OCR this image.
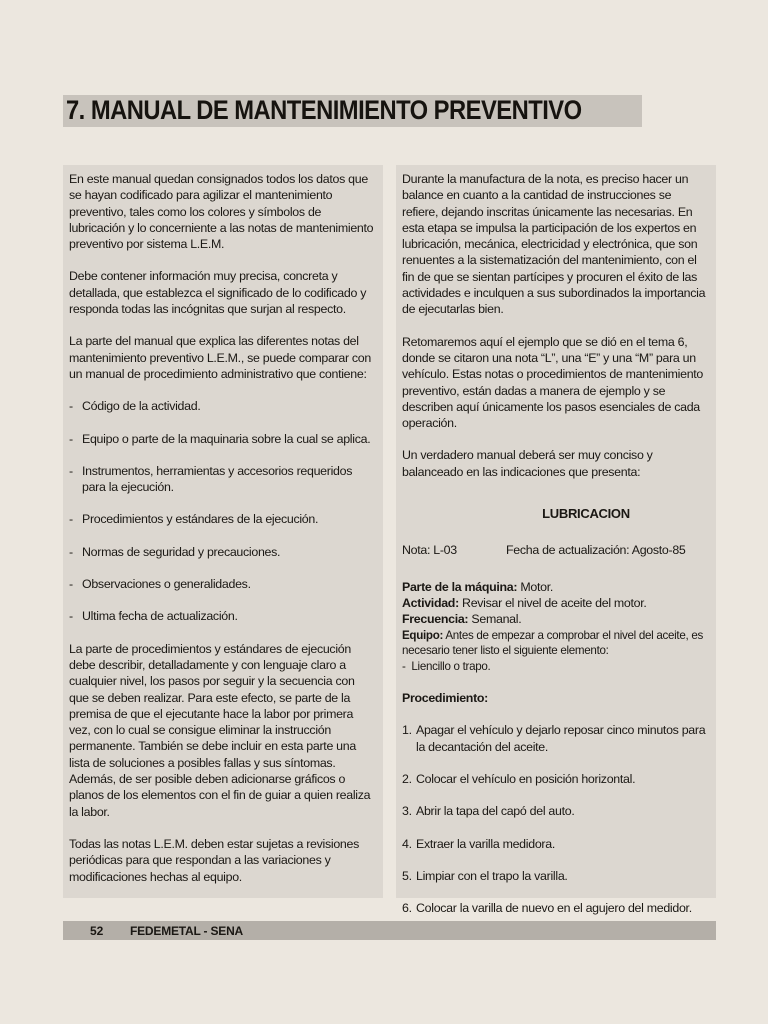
7. MANUAL DE MANTENIMIENTO PREVENTIVO

En este manual quedan consignados todos los datos que se hayan codificado para agilizar el mantenimiento preventivo, tales como los colores y símbolos de lubricación y lo concerniente a las notas de mantenimiento preventivo por sistema L.E.M.

Debe contener información muy precisa, concreta y detallada, que establezca el significado de lo codificado y responda todas las incógnitas que surjan al respecto.

La parte del manual que explica las diferentes notas del mantenimiento preventivo L.E.M., se puede comparar con un manual de procedimiento administrativo que contiene:

- Código de la actividad.
- Equipo o parte de la maquinaria sobre la cual se aplica.
- Instrumentos, herramientas y accesorios requeridos para la ejecución.
- Procedimientos y estándares de la ejecución.
- Normas de seguridad y precauciones.
- Observaciones o generalidades.
- Ultima fecha de actualización.

La parte de procedimientos y estándares de ejecución debe describir, detalladamente y con lenguaje claro a cualquier nivel, los pasos por seguir y la secuencia con que se deben realizar. Para este efecto, se parte de la premisa de que el ejecutante hace la labor por primera vez, con lo cual se consigue eliminar la instrucción permanente. También se debe incluir en esta parte una lista de soluciones a posibles fallas y sus síntomas. Además, de ser posible deben adicionarse gráficos o planos de los elementos con el fin de guiar a quien realiza la labor.

Todas las notas L.E.M. deben estar sujetas a revisiones periódicas para que respondan a las variaciones y modificaciones hechas al equipo.

Durante la manufactura de la nota, es preciso hacer un balance en cuanto a la cantidad de instrucciones se refiere, dejando inscritas únicamente las necesarias. En esta etapa se impulsa la participación de los expertos en lubricación, mecánica, electricidad y electrónica, que son renuentes a la sistematización del mantenimiento, con el fin de que se sientan partícipes y procuren el éxito de las actividades e inculquen a sus subordinados la importancia de ejecutarlas bien.

Retomaremos aquí el ejemplo que se dió en el tema 6, donde se citaron una nota “L”, una “E” y una “M” para un vehículo. Estas notas o procedimientos de mantenimiento preventivo, están dadas a manera de ejemplo y se describen aquí únicamente los pasos esenciales de cada operación.

Un verdadero manual deberá ser muy conciso y balanceado en las indicaciones que presenta:

LUBRICACION
Nota: L-03	Fecha de actualización: Agosto-85

Parte de la máquina: Motor.

Actividad: Revisar el nivel de aceite del motor.

Frecuencia: Semanal.

Equipo: Antes de empezar a comprobar el nivel del aceite, es necesario tener listo el siguiente elemento:

-  Liencillo o trapo.

Procedimiento:

1. Apagar el vehículo y dejarlo reposar cinco minutos para la decantación del aceite.
2. Colocar el vehículo en posición horizontal.
3. Abrir la tapa del capó del auto.
4. Extraer la varilla medidora.
5. Limpiar con el trapo la varilla.
6. Colocar la varilla de nuevo en el agujero del medidor.
52 FEDEMETAL - SENA
